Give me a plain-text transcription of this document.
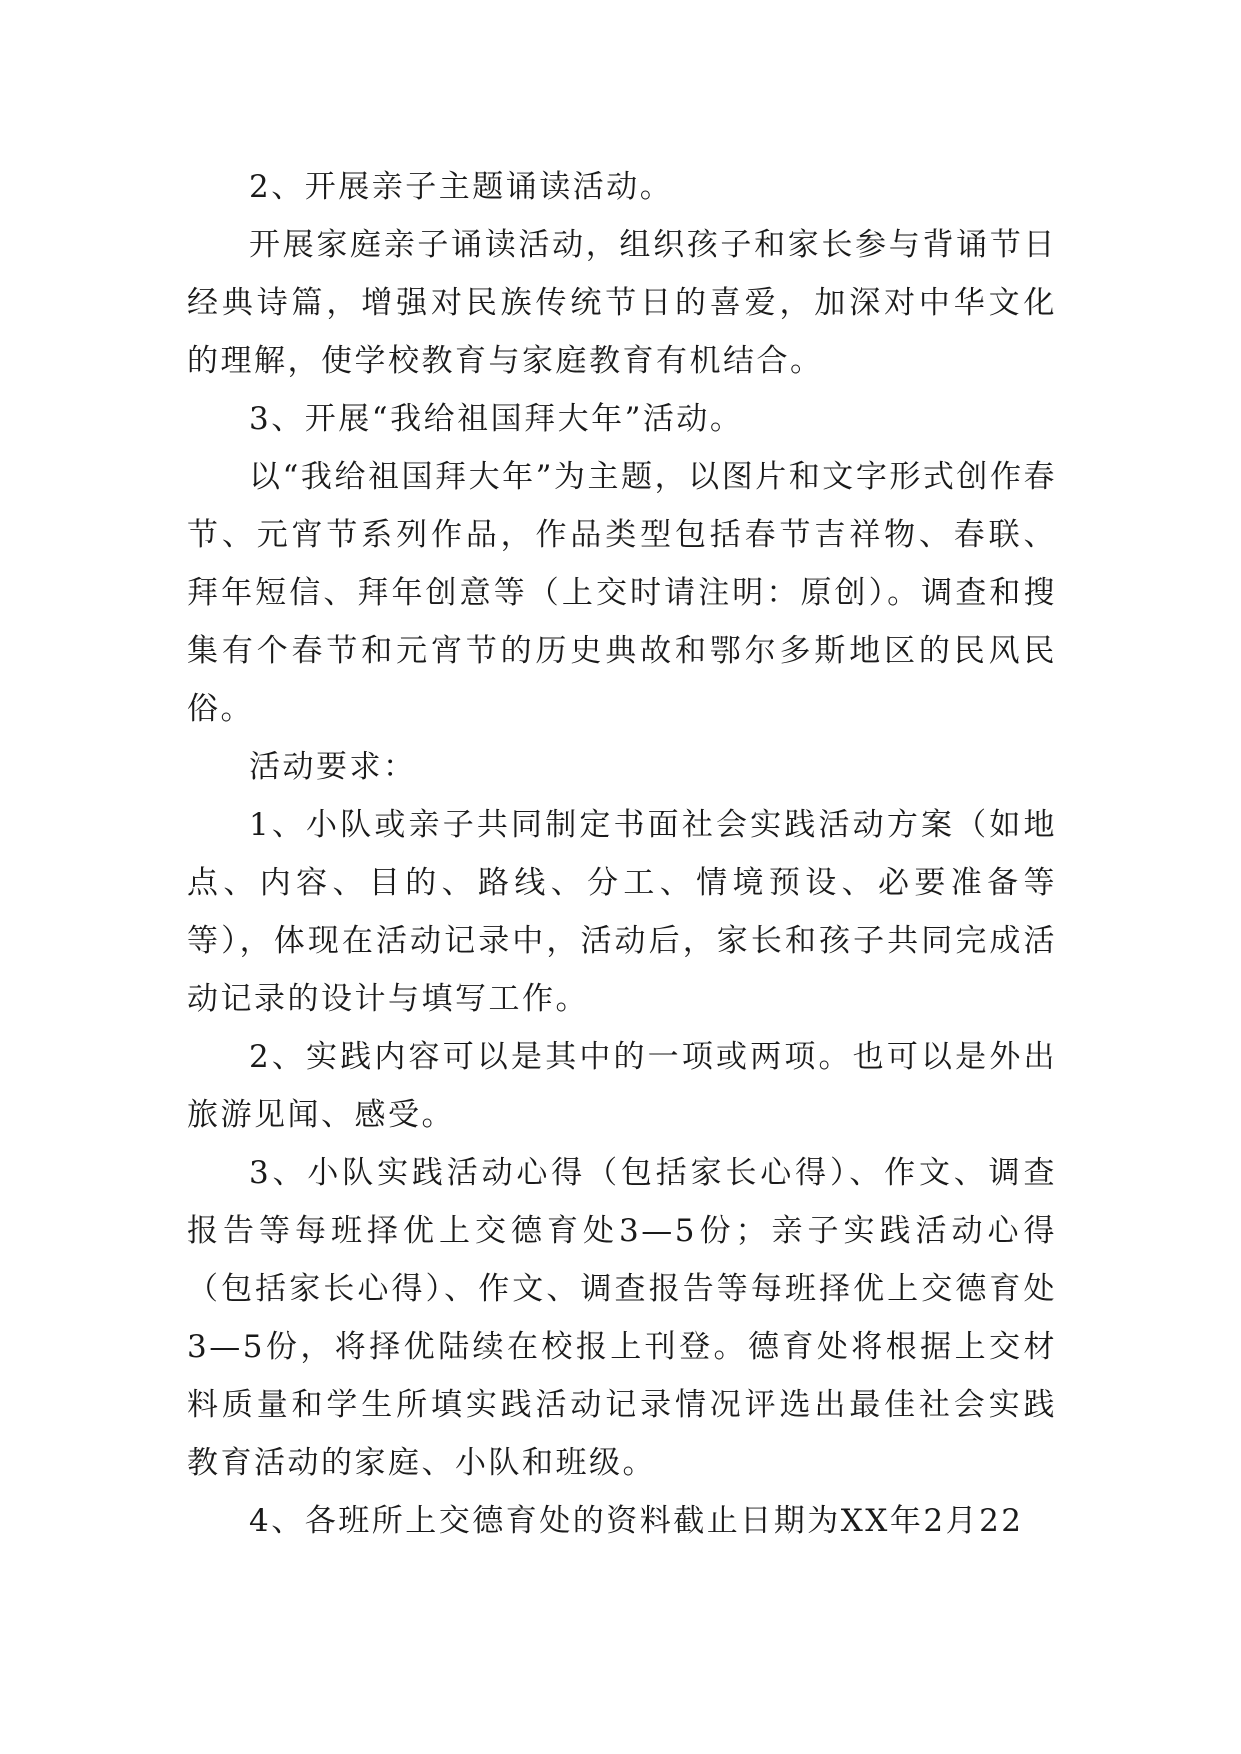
2、开展亲子主题诵读活动。

开展家庭亲子诵读活动，组织孩子和家长参与背诵节日经典诗篇，增强对民族传统节日的喜爱，加深对中华文化的理解，使学校教育与家庭教育有机结合。

3、开展“我给祖国拜大年”活动。

以“我给祖国拜大年”为主题，以图片和文字形式创作春节、元宵节系列作品，作品类型包括春节吉祥物、春联、拜年短信、拜年创意等（上交时请注明：原创）。调查和搜集有个春节和元宵节的历史典故和鄂尔多斯地区的民风民俗。

活动要求：

1、小队或亲子共同制定书面社会实践活动方案（如地点、内容、目的、路线、分工、情境预设、必要准备等等），体现在活动记录中，活动后，家长和孩子共同完成活动记录的设计与填写工作。

2、实践内容可以是其中的一项或两项。也可以是外出旅游见闻、感受。

3、小队实践活动心得（包括家长心得）、作文、调查报告等每班择优上交德育处3—5份；亲子实践活动心得（包括家长心得）、作文、调查报告等每班择优上交德育处3—5份，将择优陆续在校报上刊登。德育处将根据上交材料质量和学生所填实践活动记录情况评选出最佳社会实践教育活动的家庭、小队和班级。

4、各班所上交德育处的资料截止日期为XX年2月22
